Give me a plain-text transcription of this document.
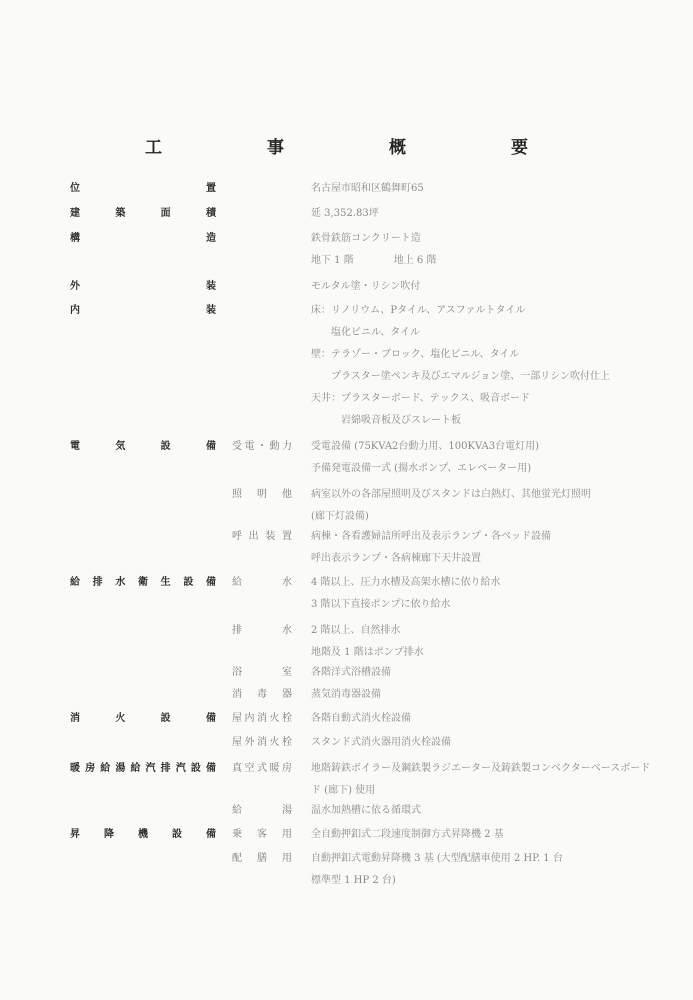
工　事　概　要
位置	名古屋市昭和区鶴舞町65
建築面積	延 3,352.83坪
構造	鉄骨鉄筋コンクリート造
地下 1 階　　　　地上 6 階
外装	モルタル塗・リシン吹付
内装	床：リノリウム、Pタイル、アスファルトタイル
　　塩化ビニル、タイル
壁：テラゾー・ブロック、塩化ビニル、タイル
　　プラスター塗ペンキ及びエマルジョン塗、一部リシン吹付仕上
天井：プラスターボード、テックス、吸音ボード
　　　岩綿吸音板及びスレート板
電気設備 受電・動力 受電設備 (75KVA2台動力用、100KVA3台電灯用)
予備発電設備一式 (揚水ポンプ、エレベーター用)
照明他 病室以外の各部屋照明及びスタンドは白熱灯、其他蛍光灯照明
(廊下灯設備)
呼出装置 病棟・各看護婦詰所呼出及表示ランプ・各ベッド設備
呼出表示ランプ・各病棟廊下天井設置
給排水衛生設備 給水 4 階以上、圧力水槽及高架水槽に依り給水
3 階以下直接ポンプに依り給水
排水 2 階以上、自然排水
地階及 1 階はポンプ排水
浴室 各階洋式浴槽設備
消毒器 蒸気消毒器設備
消火設備 屋内消火栓 各階自動式消火栓設備
屋外消火栓 スタンド式消火器用消火栓設備
暖房給湯給汽排汽設備 真空式暖房 地階鋳鉄ボイラー及鋼鉄製ラジエーター及鋳鉄製コンベクターベースボード
ド (廊下) 使用
給湯 温水加熱槽に依る循環式
昇降機設備 乗客用 全自動押釦式二段速度制御方式昇降機 2 基
配膳用 自動押釦式電動昇降機 3 基 (大型配膳車使用 2 HP. 1 台
標準型 1 HP 2 台)
